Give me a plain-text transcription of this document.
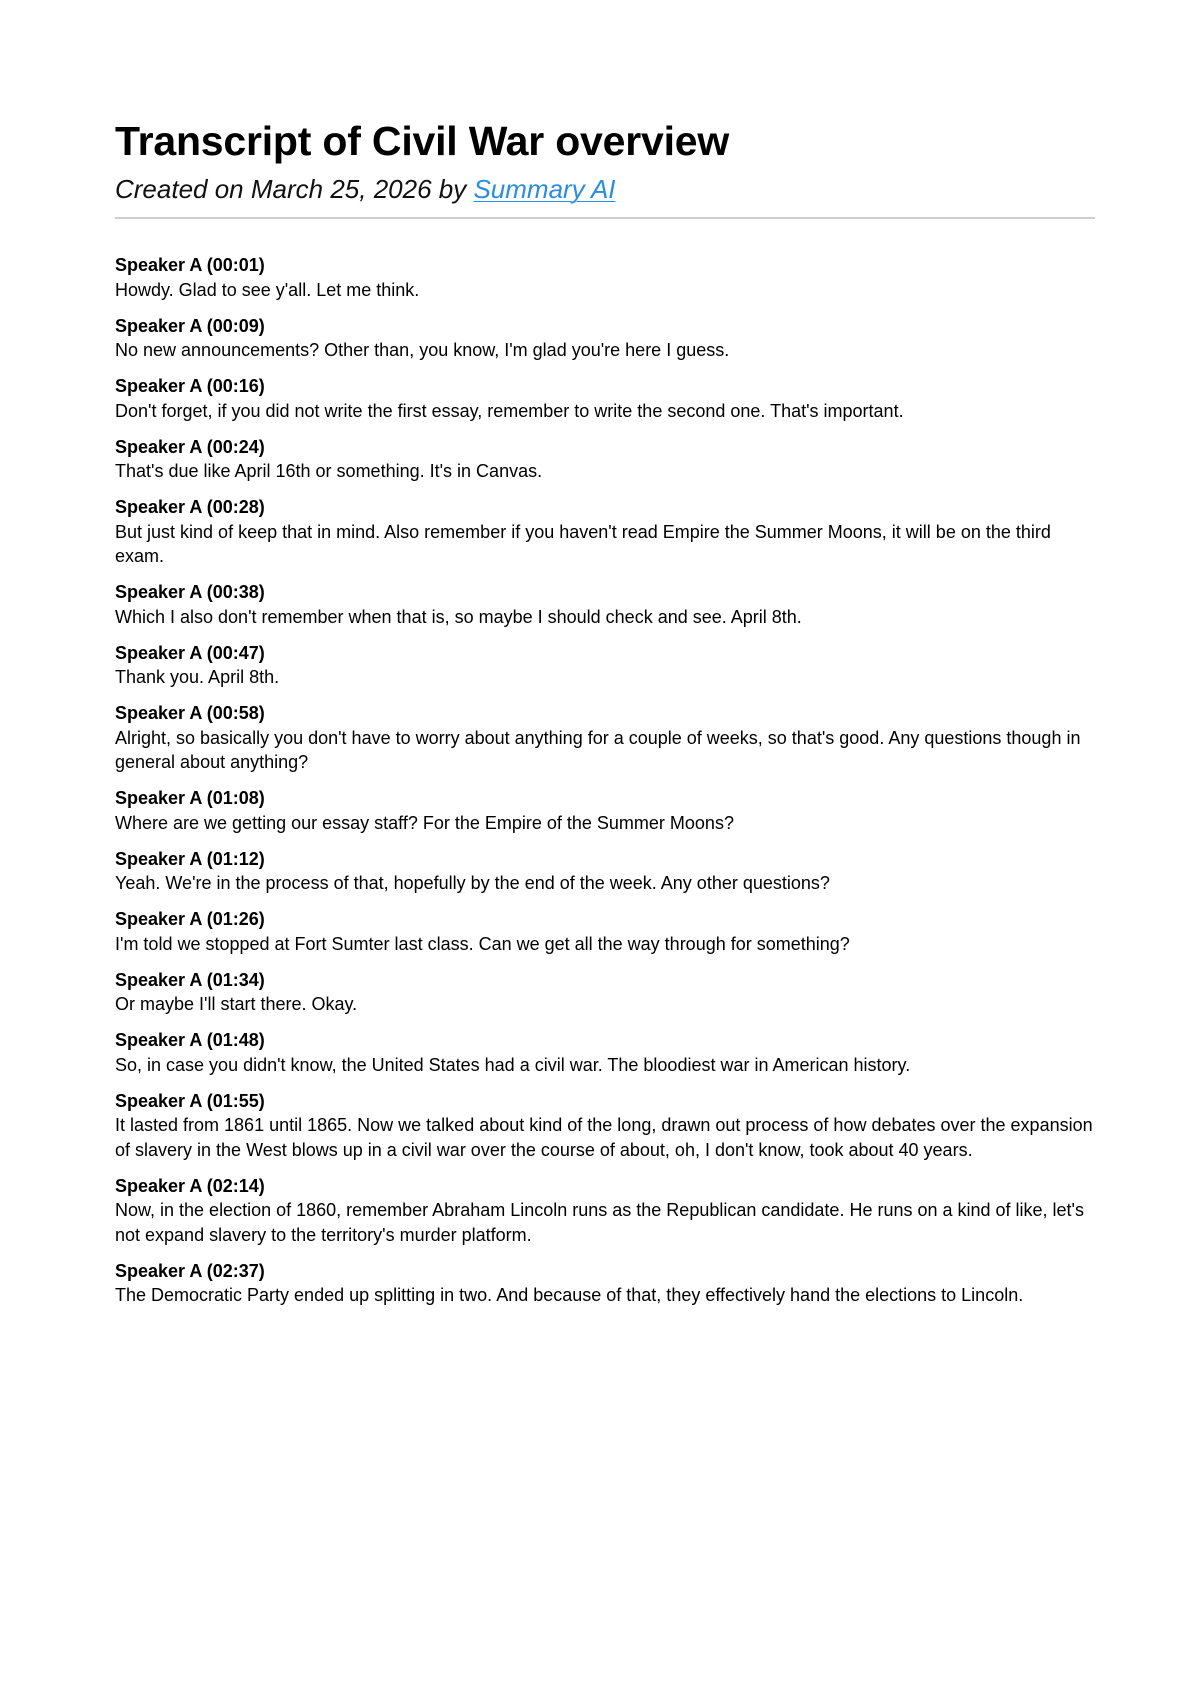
Transcript of Civil War overview

Created on March 25, 2026 by Summary AI

Speaker A (00:01)
Howdy. Glad to see y'all. Let me think.
Speaker A (00:09)
No new announcements? Other than, you know, I'm glad you're here I guess.
Speaker A (00:16)
Don't forget, if you did not write the first essay, remember to write the second one. That's important.
Speaker A (00:24)
That's due like April 16th or something. It's in Canvas.
Speaker A (00:28)
But just kind of keep that in mind. Also remember if you haven't read Empire the Summer Moons, it will be on the third exam.
Speaker A (00:38)
Which I also don't remember when that is, so maybe I should check and see. April 8th.
Speaker A (00:47)
Thank you. April 8th.
Speaker A (00:58)
Alright, so basically you don't have to worry about anything for a couple of weeks, so that's good. Any questions though in general about anything?
Speaker A (01:08)
Where are we getting our essay staff? For the Empire of the Summer Moons?
Speaker A (01:12)
Yeah. We're in the process of that, hopefully by the end of the week. Any other questions?
Speaker A (01:26)
I'm told we stopped at Fort Sumter last class. Can we get all the way through for something?
Speaker A (01:34)
Or maybe I'll start there. Okay.
Speaker A (01:48)
So, in case you didn't know, the United States had a civil war. The bloodiest war in American history.
Speaker A (01:55)
It lasted from 1861 until 1865. Now we talked about kind of the long, drawn out process of how debates over the expansion of slavery in the West blows up in a civil war over the course of about, oh, I don't know, took about 40 years.
Speaker A (02:14)
Now, in the election of 1860, remember Abraham Lincoln runs as the Republican candidate. He runs on a kind of like, let's not expand slavery to the territory's murder platform.
Speaker A (02:37)
The Democratic Party ended up splitting in two. And because of that, they effectively hand the elections to Lincoln.
